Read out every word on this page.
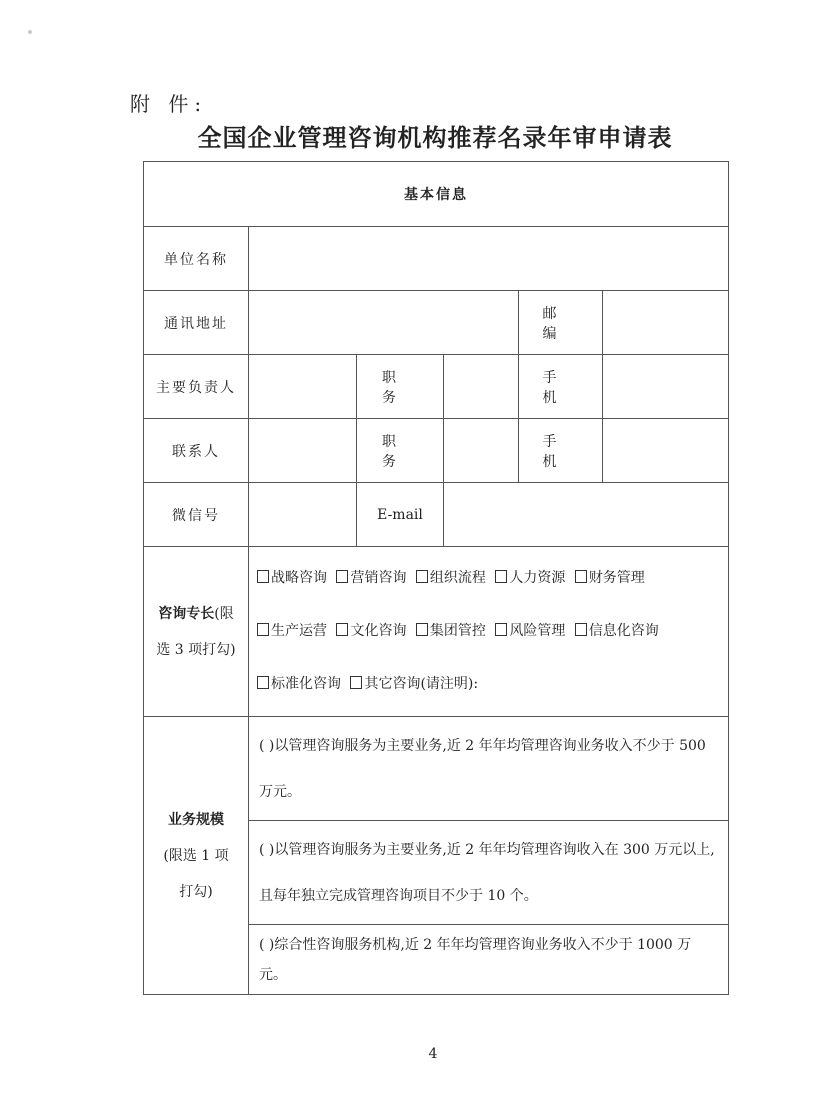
附 件:
全国企业管理咨询机构推荐名录年审申请表
基本信息					
单位名称					
通讯地址				邮 编	
主要负责人		职 务		手 机	
联系人		职 务		手 机	
微信号		E-mail			
咨询专长(限
选 3 项打勾)	战略咨询 营销咨询 组织流程 人力资源 财务管理
生产运营 文化咨询 集团管控 风险管理 信息化咨询
标准化咨询 其它咨询(请注明):				

业务规模
(限选 1 项
打勾)	( )以管理咨询服务为主要业务,近 2 年年均管理咨询业务收入不少于 500 万元。				
	( )以管理咨询服务为主要业务,近 2 年年均管理咨询收入在 300 万元以上,且每年独立完成管理咨询项目不少于 10 个。				
	( )综合性咨询服务机构,近 2 年年均管理咨询业务收入不少于 1000 万元。				
4
